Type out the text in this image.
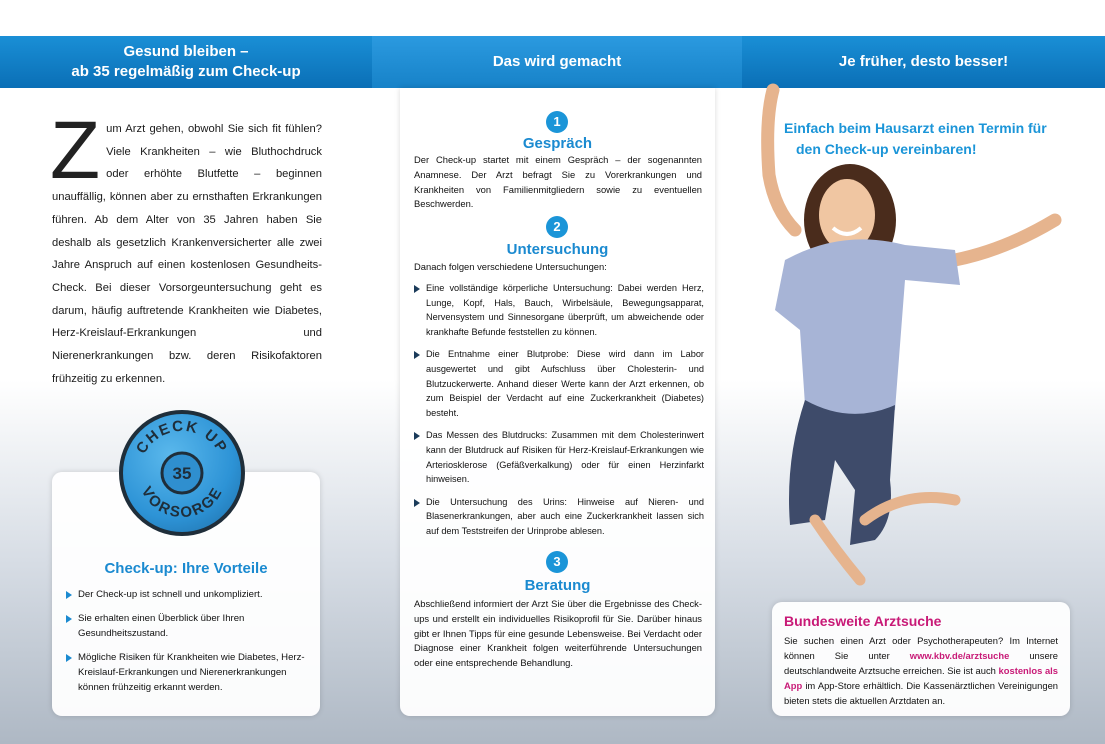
Gesund bleiben –
ab 35 regelmäßig zum Check-up
Das wird gemacht	Je früher, desto besser!
Z um Arzt gehen, obwohl Sie sich fit fühlen? Viele Krankheiten – wie Bluthochdruck oder erhöhte Blutfette – beginnen unauffällig, können aber zu ernsthaften Erkrankungen führen. Ab dem Alter von 35 Jahren haben Sie deshalb als gesetzlich Krankenversicherter alle zwei Jahre Anspruch auf einen kostenlosen Gesundheits-Check. Bei dieser Vorsorgeuntersuchung geht es darum, häufig auftretende Krankheiten wie Diabetes, Herz-Kreislauf-Erkrankungen und Nierenerkrankungen bzw. deren Risikofaktoren frühzeitig zu erkennen.
CHECK UP
VORSORGE
35
Check-up: Ihre Vorteile
Der Check-up ist schnell und unkompliziert.
Sie erhalten einen Überblick über Ihren Gesundheitszustand.
Mögliche Risiken für Krankheiten wie Diabetes, Herz-Kreislauf-Erkrankungen und Nierenerkrankungen können frühzeitig erkannt werden.
1
Gespräch
Der Check-up startet mit einem Gespräch – der sogenannten Anamnese. Der Arzt befragt Sie zu Vorerkrankungen und Krankheiten von Familienmitgliedern sowie zu eventuellen Beschwerden.
2
Untersuchung
Danach folgen verschiedene Untersuchungen:
Eine vollständige körperliche Untersuchung: Dabei werden Herz, Lunge, Kopf, Hals, Bauch, Wirbelsäule, Bewegungsapparat, Nervensystem und Sinnesorgane überprüft, um abweichende oder krankhafte Befunde feststellen zu können.
Die Entnahme einer Blutprobe: Diese wird dann im Labor ausgewertet und gibt Aufschluss über Cholesterin- und Blutzuckerwerte. Anhand dieser Werte kann der Arzt erkennen, ob zum Beispiel der Verdacht auf eine Zuckerkrankheit (Diabetes) besteht.
Das Messen des Blutdrucks: Zusammen mit dem Cholesterinwert kann der Blutdruck auf Risiken für Herz-Kreislauf-Erkrankungen wie Arteriosklerose (Gefäßverkalkung) oder für einen Herzinfarkt hinweisen.
Die Untersuchung des Urins: Hinweise auf Nieren- und Blasenerkrankungen, aber auch eine Zuckerkrankheit lassen sich auf dem Teststreifen der Urinprobe ablesen.
3
Beratung
Abschließend informiert der Arzt Sie über die Ergebnisse des Check-ups und erstellt ein individuelles Risikoprofil für Sie. Darüber hinaus gibt er Ihnen Tipps für eine gesunde Lebensweise. Bei Verdacht oder Diagnose einer Krankheit folgen weiterführende Untersuchungen oder eine entsprechende Behandlung.
Einfach beim Hausarzt einen Termin für
den Check-up vereinbaren!
Bundesweite Arztsuche
Sie suchen einen Arzt oder Psychotherapeuten? Im Internet können Sie unter www.kbv.de/arztsuche unsere deutschlandweite Arztsuche erreichen. Sie ist auch kostenlos als App im App-Store erhältlich. Die Kassenärztlichen Vereinigungen bieten stets die aktuellen Arztdaten an.
